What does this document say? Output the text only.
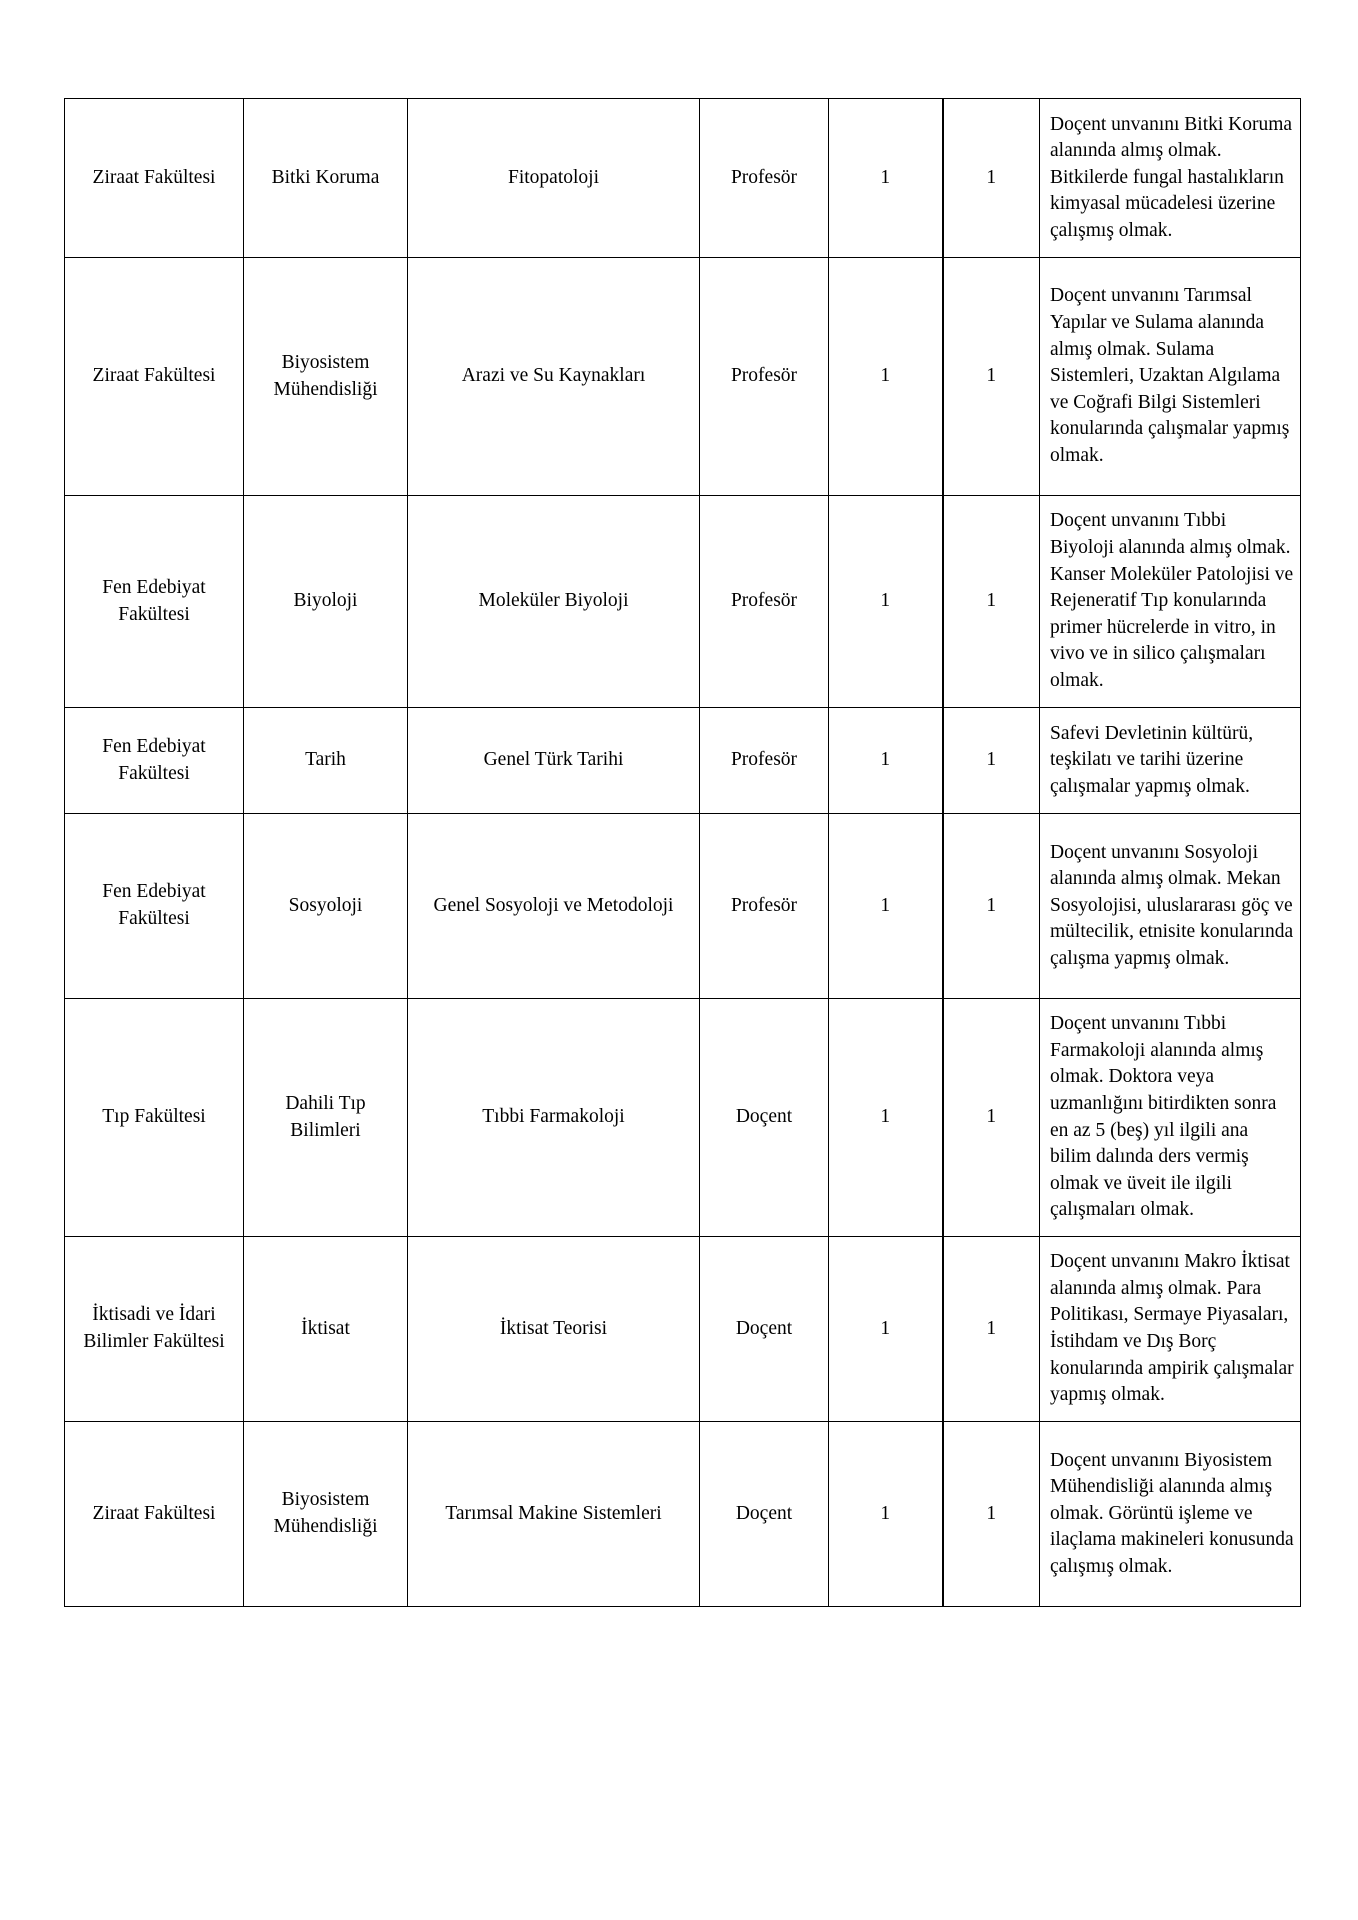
Ziraat Fakültesi	Bitki Koruma	Fitopatoloji	Profesör	1	1	Doçent unvanını Bitki Koruma alanında almış olmak. Bitkilerde fungal hastalıkların kimyasal mücadelesi üzerine çalışmış olmak.
Ziraat Fakültesi	Biyosistem Mühendisliği	Arazi ve Su Kaynakları	Profesör	1	1	Doçent unvanını Tarımsal Yapılar ve Sulama alanında almış olmak. Sulama Sistemleri, Uzaktan Algılama ve Coğrafi Bilgi Sistemleri konularında çalışmalar yapmış olmak.
Fen Edebiyat Fakültesi	Biyoloji	Moleküler Biyoloji	Profesör	1	1	Doçent unvanını Tıbbi Biyoloji alanında almış olmak. Kanser Moleküler Patolojisi ve Rejeneratif Tıp konularında primer hücrelerde in vitro, in vivo ve in silico çalışmaları olmak.
Fen Edebiyat Fakültesi	Tarih	Genel Türk Tarihi	Profesör	1	1	Safevi Devletinin kültürü, teşkilatı ve tarihi üzerine çalışmalar yapmış olmak.
Fen Edebiyat Fakültesi	Sosyoloji	Genel Sosyoloji ve Metodoloji	Profesör	1	1	Doçent unvanını Sosyoloji alanında almış olmak. Mekan Sosyolojisi, uluslararası göç ve mültecilik, etnisite konularında çalışma yapmış olmak.
Tıp Fakültesi	Dahili Tıp Bilimleri	Tıbbi Farmakoloji	Doçent	1	1	Doçent unvanını Tıbbi Farmakoloji alanında almış olmak. Doktora veya uzmanlığını bitirdikten sonra en az 5 (beş) yıl ilgili ana bilim dalında ders vermiş olmak ve üveit ile ilgili çalışmaları olmak.
İktisadi ve İdari Bilimler Fakültesi	İktisat	İktisat Teorisi	Doçent	1	1	Doçent unvanını Makro İktisat alanında almış olmak. Para Politikası, Sermaye Piyasaları, İstihdam ve Dış Borç konularında ampirik çalışmalar yapmış olmak.
Ziraat Fakültesi	Biyosistem Mühendisliği	Tarımsal Makine Sistemleri	Doçent	1	1	Doçent unvanını Biyosistem Mühendisliği alanında almış olmak. Görüntü işleme ve ilaçlama makineleri konusunda çalışmış olmak.
